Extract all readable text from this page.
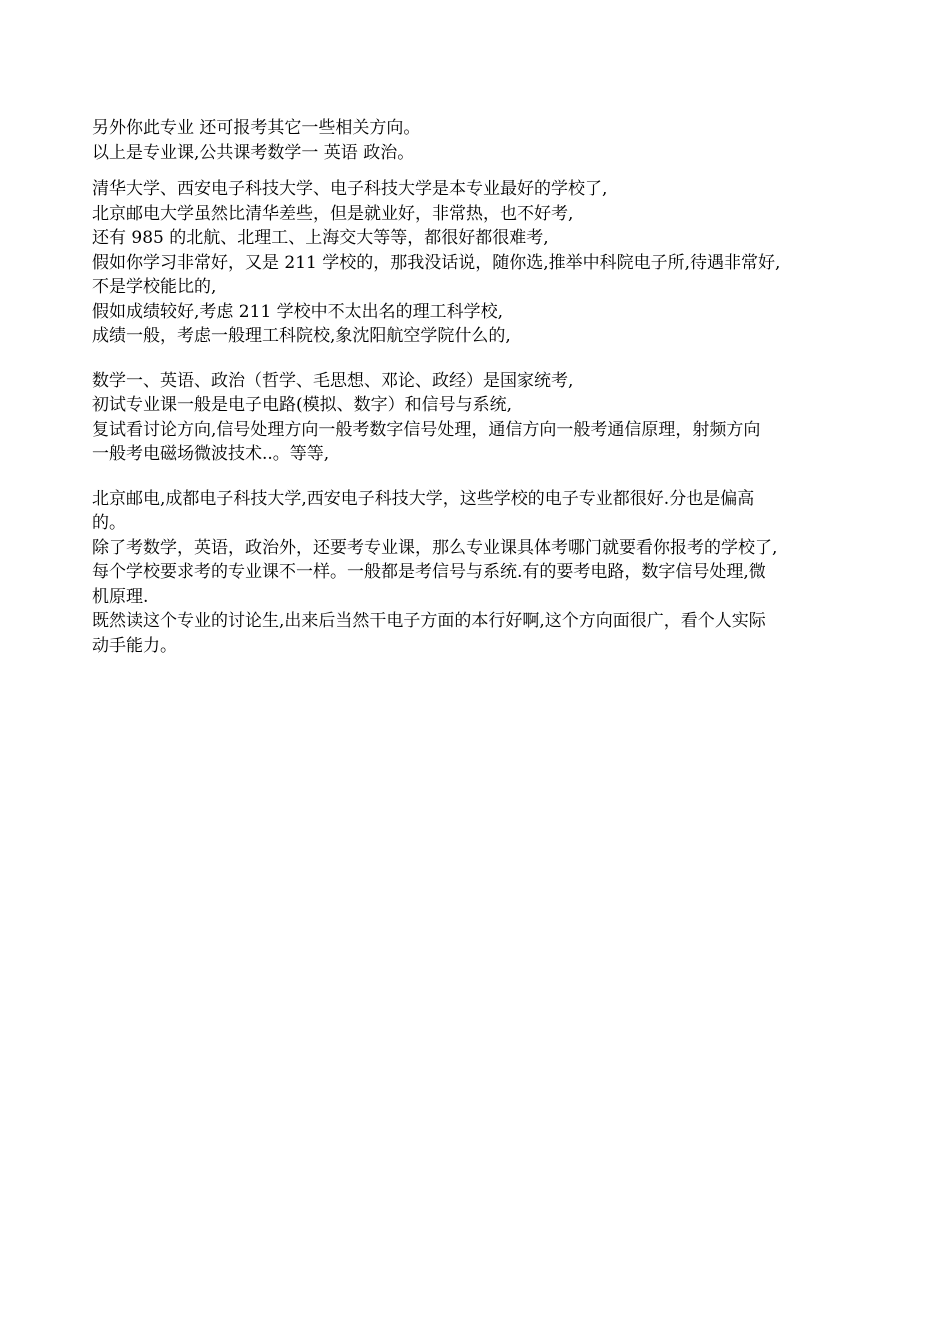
另外你此专业 还可报考其它一些相关方向。
以上是专业课,公共课考数学一 英语 政治。
清华大学、西安电子科技大学、电子科技大学是本专业最好的学校了,
北京邮电大学虽然比清华差些，但是就业好，非常热，也不好考,
还有 985 的北航、北理工、上海交大等等，都很好都很难考,
假如你学习非常好，又是 211 学校的，那我没话说，随你选,推举中科院电子所,待遇非常好,
不是学校能比的,
假如成绩较好,考虑 211 学校中不太出名的理工科学校,
成绩一般，考虑一般理工科院校,象沈阳航空学院什么的,
数学一、英语、政治（哲学、毛思想、邓论、政经）是国家统考,
初试专业课一般是电子电路(模拟、数字）和信号与系统,
复试看讨论方向,信号处理方向一般考数字信号处理，通信方向一般考通信原理，射频方向
一般考电磁场微波技术..。等等,
北京邮电,成都电子科技大学,西安电子科技大学，这些学校的电子专业都很好.分也是偏高
的。
除了考数学，英语，政治外，还要考专业课，那么专业课具体考哪门就要看你报考的学校了,
每个学校要求考的专业课不一样。一般都是考信号与系统.有的要考电路，数字信号处理,微
机原理.
既然读这个专业的讨论生,出来后当然干电子方面的本行好啊,这个方向面很广，看个人实际
动手能力。
